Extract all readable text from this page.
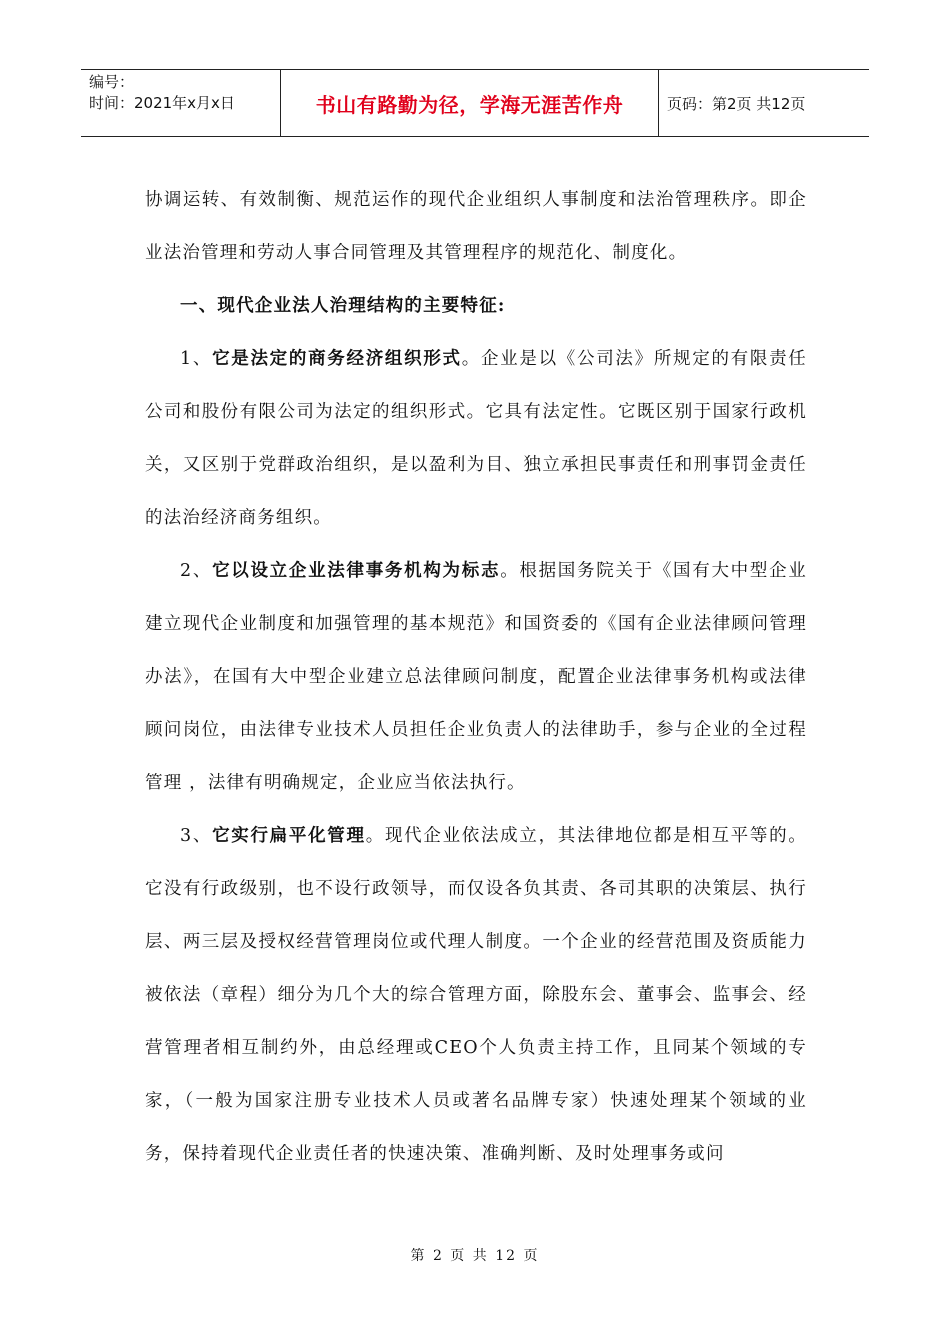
编号：
时间：2021年x月x日	书山有路勤为径，学海无涯苦作舟	页码：第2页 共12页

协调运转、有效制衡、规范运作的现代企业组织人事制度和法治管理秩序。即企业法治管理和劳动人事合同管理及其管理程序的规范化、制度化。

一、现代企业法人治理结构的主要特征:

1、它是法定的商务经济组织形式。企业是以《公司法》所规定的有限责任公司和股份有限公司为法定的组织形式。它具有法定性。它既区别于国家行政机关，又区别于党群政治组织，是以盈利为目、独立承担民事责任和刑事罚金责任的法治经济商务组织。

2、它以设立企业法律事务机构为标志。根据国务院关于《国有大中型企业建立现代企业制度和加强管理的基本规范》和国资委的《国有企业法律顾问管理办法》，在国有大中型企业建立总法律顾问制度，配置企业法律事务机构或法律顾问岗位，由法律专业技术人员担任企业负责人的法律助手，参与企业的全过程管理 ，法律有明确规定，企业应当依法执行。

3、它实行扁平化管理。现代企业依法成立，其法律地位都是相互平等的。它没有行政级别，也不设行政领导，而仅设各负其责、各司其职的决策层、执行层、两三层及授权经营管理岗位或代理人制度。一个企业的经营范围及资质能力被依法（章程）细分为几个大的综合管理方面，除股东会、董事会、监事会、经营管理者相互制约外，由总经理或CEO个人负责主持工作，且同某个领域的专家，（一般为国家注册专业技术人员或著名品牌专家）快速处理某个领域的业务，保持着现代企业责任者的快速决策、准确判断、及时处理事务或问

第 2 页 共 12 页
